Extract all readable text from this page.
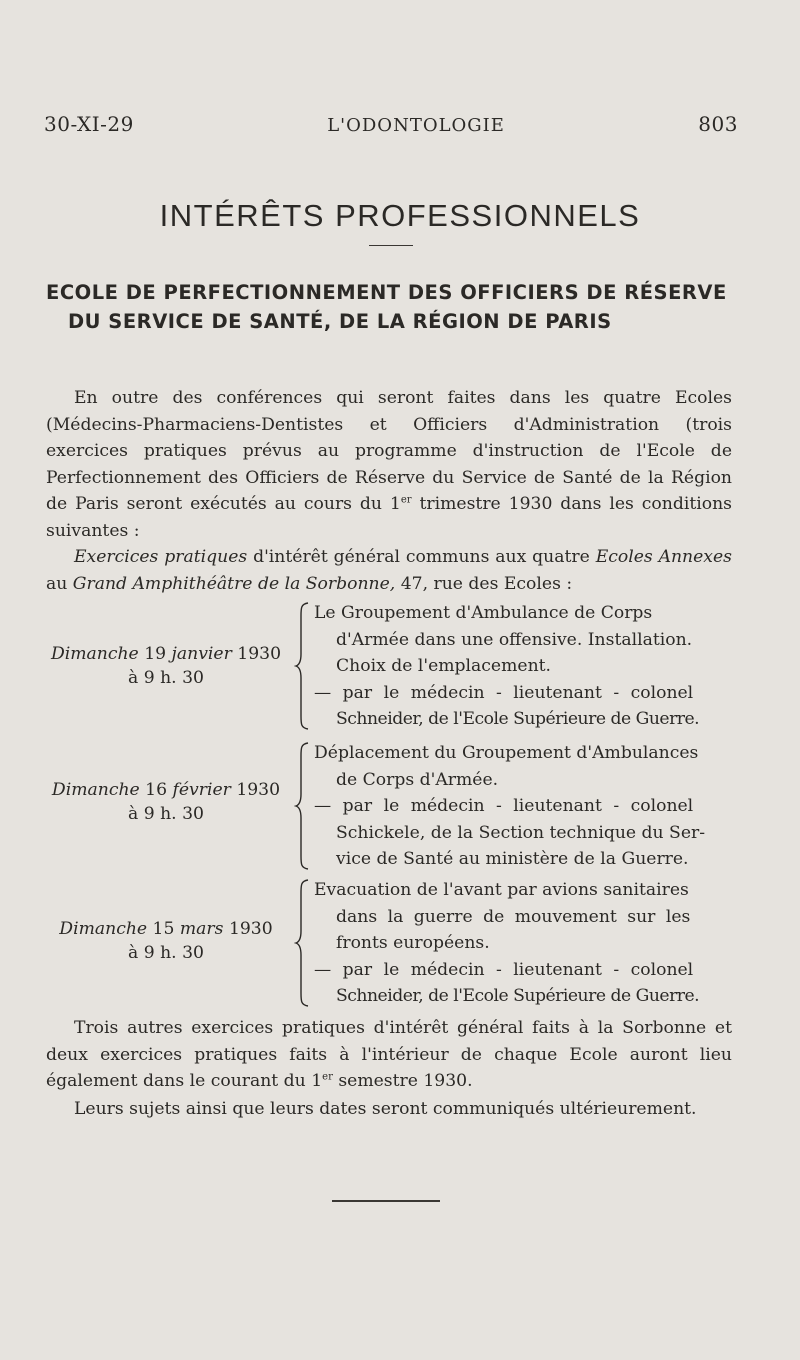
30-XI-29	L'ODONTOLOGIE	803
INTÉRÊTS PROFESSIONNELS
ECOLE DE PERFECTIONNEMENT DES OFFICIERS DE RÉSERVE DU SERVICE DE SANTÉ, DE LA RÉGION DE PARIS

En outre des conférences qui seront faites dans les quatre Ecoles (Médecins-Pharmaciens-Dentistes et Officiers d'Administration (trois exercices pratiques prévus au programme d'instruction de l'Ecole de Perfectionnement des Officiers de Réserve du Service de Santé de la Région de Paris seront exécutés au cours du 1er trimestre 1930 dans les conditions suivantes :

Exercices pratiques d'intérêt général communs aux quatre Ecoles Annexes au Grand Amphithéâtre de la Sorbonne, 47, rue des Ecoles :

Dimanche 19 janvier 1930
à 9 h. 30
Le Groupement d'Ambulance de Corps
d'Armée dans une offensive. Installation.
Choix de l'emplacement.
— par le médecin - lieutenant - colonel
Schneider, de l'Ecole Supérieure de Guerre.
Dimanche 16 février 1930
à 9 h. 30
Déplacement du Groupement d'Ambulances
de Corps d'Armée.
— par le médecin - lieutenant - colonel
Schickele, de la Section technique du Ser-
vice de Santé au ministère de la Guerre.
Dimanche 15 mars 1930
à 9 h. 30
Evacuation de l'avant par avions sanitaires
dans la guerre de mouvement sur les
fronts européens.
— par le médecin - lieutenant - colonel
Schneider, de l'Ecole Supérieure de Guerre.

Trois autres exercices pratiques d'intérêt général faits à la Sorbonne et deux exercices pratiques faits à l'intérieur de chaque Ecole auront lieu également dans le courant du 1er semestre 1930.

Leurs sujets ainsi que leurs dates seront communiqués ultérieurement.
